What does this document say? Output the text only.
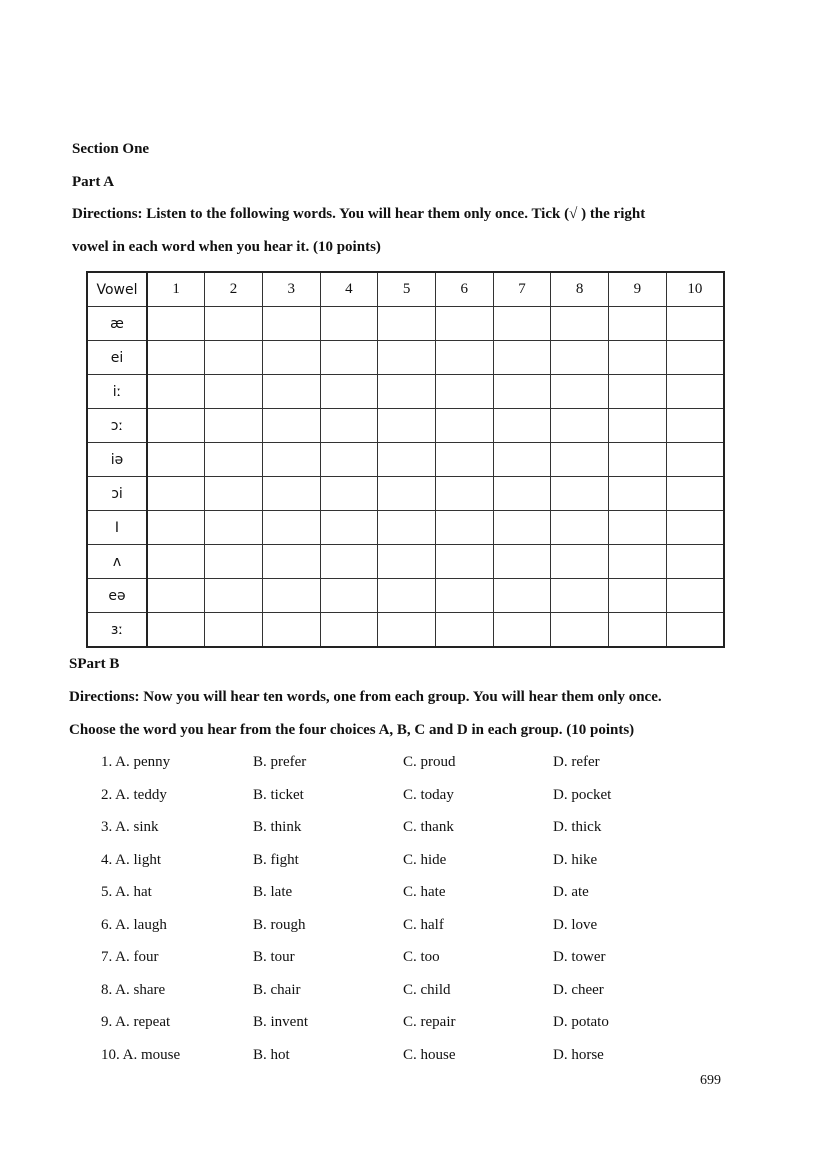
Section One
Part A
Directions: Listen to the following words. You will hear them only once. Tick (√ ) the right
vowel in each word when you hear it. (10 points)
Vowel	1	2	3	4	5	6	7	8	9	10
æ										
ei										
iː										
ɔː										
iə										
ɔi										
I										
ʌ										
eə										
ɜː										
SPart B
Directions: Now you will hear ten words, one from each group. You will hear them only once.
Choose the word you hear from the four choices A, B, C and D in each group. (10 points)
1. A. penny	B. prefer	C. proud	D. refer
2. A. teddy	B. ticket	C. today	D. pocket
3. A. sink	B. think	C. thank	D. thick
4. A. light	B. fight	C. hide	D. hike
5. A. hat	B. late	C. hate	D. ate
6. A. laugh	B. rough	C. half	D. love
7. A. four	B. tour	C. too	D. tower
8. A. share	B. chair	C. child	D. cheer
9. A. repeat	B. invent	C. repair	D. potato
10. A. mouse	B. hot	C. house	D. horse
699
